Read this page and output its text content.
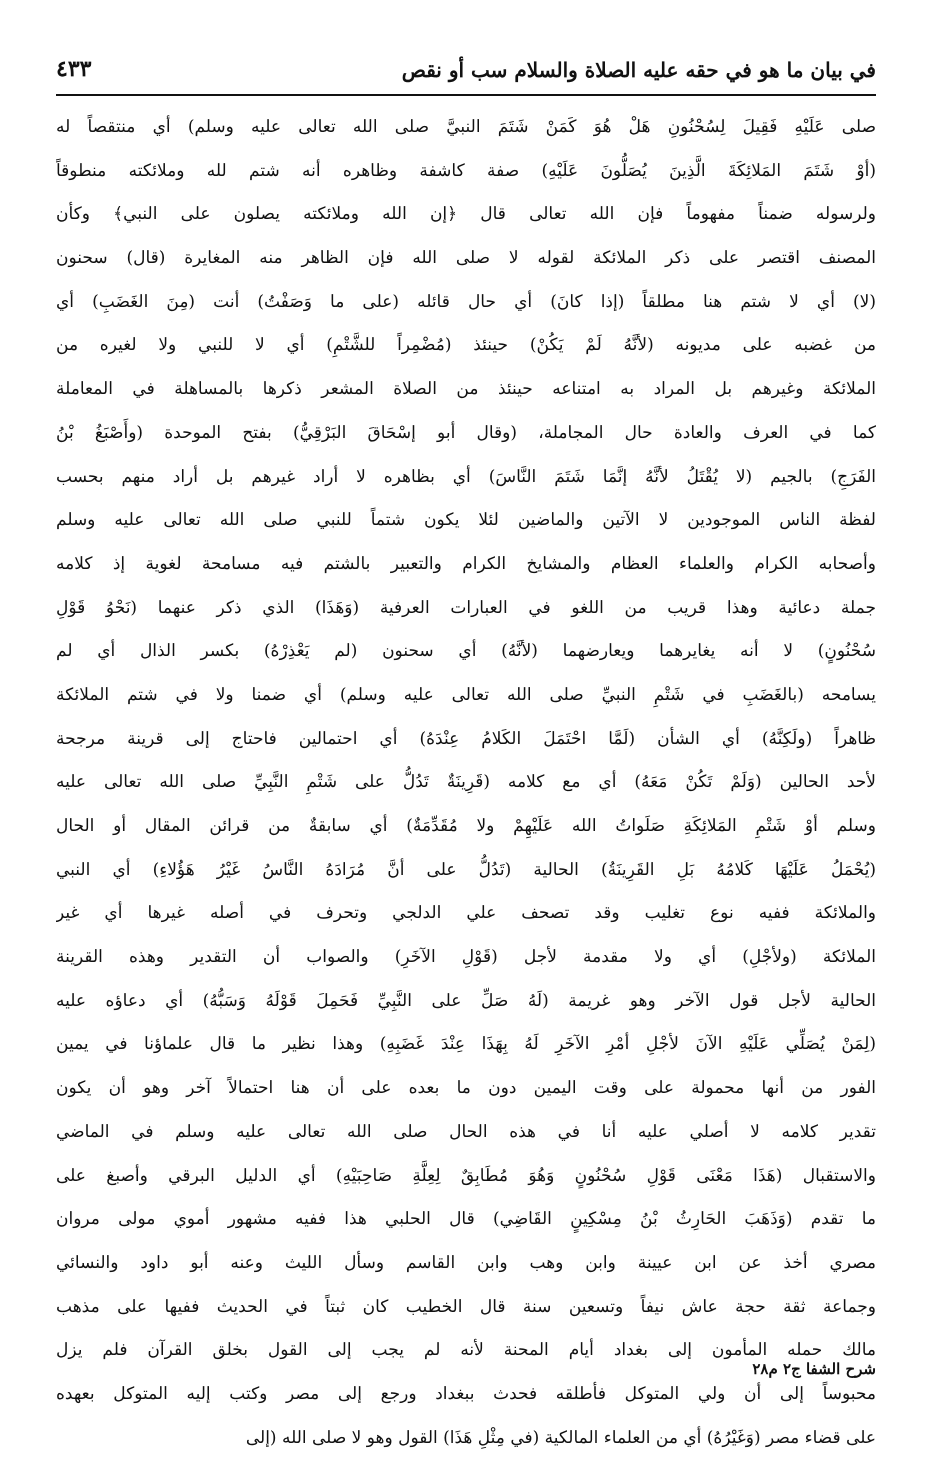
في بيان ما هو في حقه عليه الصلاة والسلام سب أو نقص
٤٣٣
صلى عَلَيْهِ فَقِيلَ لِسُحْنُونِ هَلْ هُوَ كَمَنْ شَتَمَ النبيَّ صلى الله تعالى عليه وسلم) أي منتقصاً له
(أوْ شَتَمَ المَلائِكَةَ الَّذِينَ يُصَلُّونَ عَلَيْهِ) صفة كاشفة وظاهره أنه شتم لله وملائكته منطوقاً
ولرسوله ضمناً مفهوماً فإن الله تعالى قال ﴿إن الله وملائكته يصلون على النبي﴾ وكأن
المصنف اقتصر على ذكر الملائكة لقوله لا صلى الله فإن الظاهر منه المغايرة (قال) سحنون
(لا) أي لا شتم هنا مطلقاً (إذا كانَ) أي حال قائله (على ما وَصَفْتُ) أنت (مِنَ الغَضَبِ) أي
من غضبه على مديونه (لأنَّهُ لَمْ يَكُنْ) حينئذ (مُضْمِراً للشَّتْمِ) أي لا للنبي ولا لغيره من
الملائكة وغيرهم بل المراد به امتناعه حينئذ من الصلاة المشعر ذكرها بالمساهلة في المعاملة
كما في العرف والعادة حال المجاملة، (وقال أبو إسْحَاقَ البَرْقِيُّ) بفتح الموحدة (وأَصْبَغُ بْنُ
الفَرَجِ) بالجيم (لا يُقْتَلُ لأنَّهُ إنَّمَا شَتَمَ النَّاسَ) أي بظاهره لا أراد غيرهم بل أراد منهم بحسب
لفظة الناس الموجودين لا الآتين والماضين لئلا يكون شتماً للنبي صلى الله تعالى عليه وسلم
وأصحابه الكرام والعلماء العظام والمشايخ الكرام والتعبير بالشتم فيه مسامحة لغوية إذ كلامه
جملة دعائية وهذا قريب من اللغو في العبارات العرفية (وَهَذَا) الذي ذكر عنهما (نَحْوُ قَوْلِ
سُحْنُونٍ) لا أنه يغايرهما ويعارضهما (لأنَّهُ) أي سحنون (لم يَعْذِرْهُ) بكسر الذال أي لم
يسامحه (بالغَضَبِ في شَتْمِ النبيِّ صلى الله تعالى عليه وسلم) أي ضمنا ولا في شتم الملائكة
ظاهراً (ولَكِنَّهُ) أي الشأن (لَمَّا احْتَمَلَ الكَلامُ عِنْدَهُ) أي احتمالين فاحتاج إلى قرينة مرجحة
لأحد الحالين (وَلَمْ تَكُنْ مَعَهُ) أي مع كلامه (قَرِينَةٌ تَدُلُّ على شَتْمِ النَّبِيِّ صلى الله تعالى عليه
وسلم أوْ شَتْمِ المَلائِكَةِ صَلَواتُ الله عَلَيْهِمْ ولا مُقَدِّمَةٌ) أي سابقةٌ من قرائن المقال أو الحال
(يُحْمَلُ عَلَيْهَا كَلامُهُ بَلِ القَرِينَةُ) الحالية (تَدُلُّ على أنَّ مُرَادَهُ النَّاسُ غَيْرُ هَؤُلاءِ) أي النبي
والملائكة ففيه نوع تغليب وقد تصحف علي الدلجي وتحرف في أصله غيرها أي غير
الملائكة (ولأجْلِ) أي ولا مقدمة لأجل (قَوْلِ الآخَرِ) والصواب أن التقدير وهذه القرينة
الحالية لأجل قول الآخر وهو غريمة (لَهُ صَلِّ على النَّبِيِّ فَحَمِلَ قَوْلَهُ وَسَبُّهُ) أي دعاؤه عليه
(لِمَنْ يُصَلِّي عَلَيْهِ الآنَ لأجْلِ أمْرِ الآخَرِ لَهُ بِهَذَا عِنْدَ غَضَبِهِ) وهذا نظير ما قال علماؤنا في يمين
الفور من أنها محمولة على وقت اليمين دون ما بعده على أن هنا احتمالاً آخر وهو أن يكون
تقدير كلامه لا أصلي عليه أنا في هذه الحال صلى الله تعالى عليه وسلم في الماضي
والاستقبال (هَذَا مَعْنَى قَوْلِ سُحْنُونٍ وَهُوَ مُطَابِقٌ لِعِلَّةِ صَاحِبَيْهِ) أي الدليل البرقي وأصبغ على
ما تقدم (وَذَهَبَ الحَارِثُ بْنُ مِسْكِينٍ القَاضِي) قال الحلبي هذا ففيه مشهور أموي مولى مروان
مصري أخذ عن ابن عيينة وابن وهب وابن القاسم وسأل الليث وعنه أبو داود والنسائي
وجماعة ثقة حجة عاش نيفاً وتسعين سنة قال الخطيب كان ثبتاً في الحديث ففيها على مذهب
مالك حمله المأمون إلى بغداد أيام المحنة لأنه لم يجب إلى القول بخلق القرآن فلم يزل
محبوساً إلى أن ولي المتوكل فأطلقه فحدث ببغداد ورجع إلى مصر وكتب إليه المتوكل بعهده
على قضاء مصر (وَغَيْرُهُ) أي من العلماء المالكية (في مِثْلِ هَذَا) القول وهو لا صلى الله (إلى
شرح الشفا ج٢ م٢٨
